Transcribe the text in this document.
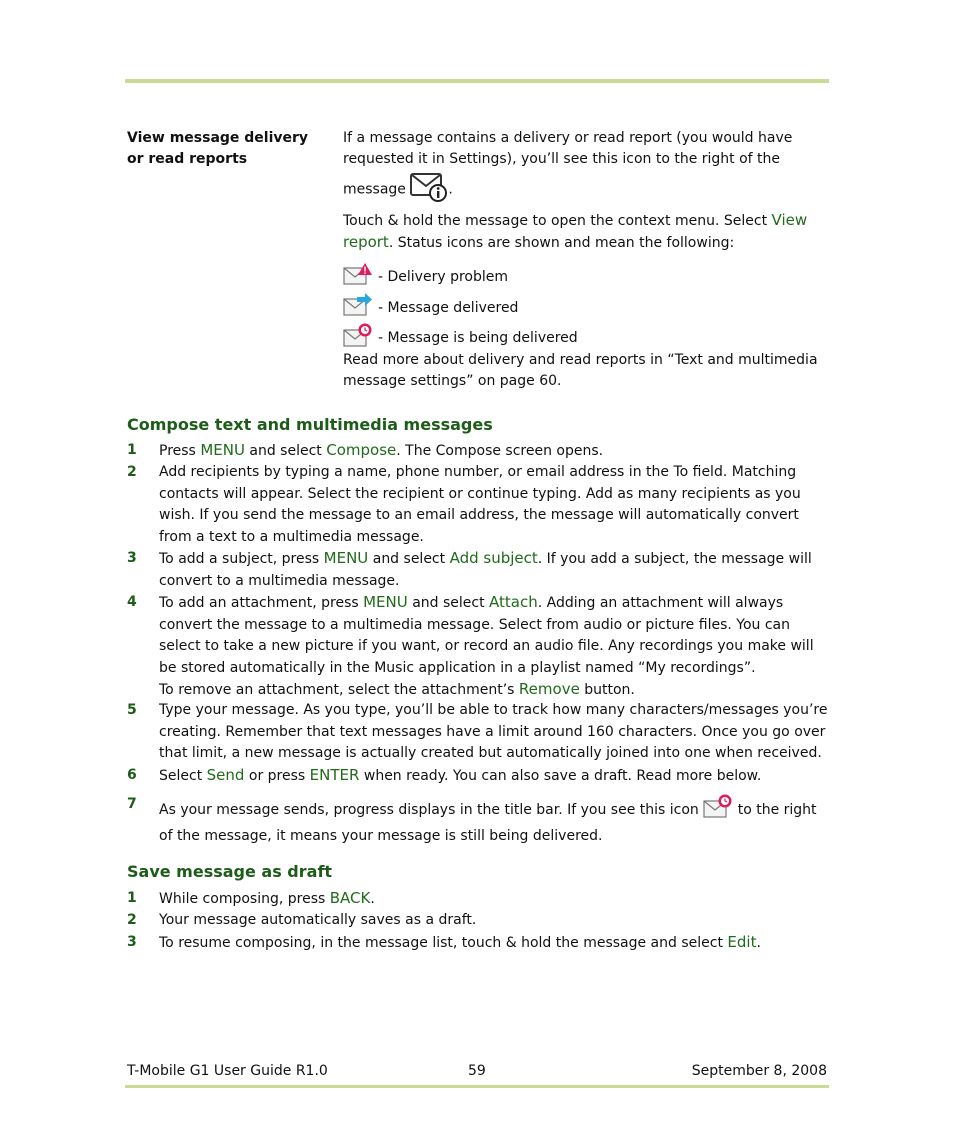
View message delivery or read reports
If a message contains a delivery or read report (you would have requested it in Settings), you’ll see this icon to the right of the message	.
Touch & hold the message to open the context menu. Select View report. Status icons are shown and mean the following:
- Delivery problem
- Message delivered
- Message is being delivered
Read more about delivery and read reports in “Text and multimedia message settings” on page 60.
Compose text and multimedia messages
1 Press MENU and select Compose. The Compose screen opens.
2 Add recipients by typing a name, phone number, or email address in the To field. Matching contacts will appear. Select the recipient or continue typing. Add as many recipients as you wish. If you send the message to an email address, the message will automatically convert from a text to a multimedia message.
3 To add a subject, press MENU and select Add subject. If you add a subject, the message will convert to a multimedia message.
4 To add an attachment, press MENU and select Attach. Adding an attachment will always convert the message to a multimedia message. Select from audio or picture files. You can select to take a new picture if you want, or record an audio file. Any recordings you make will be stored automatically in the Music application in a playlist named “My recordings”.
To remove an attachment, select the attachment’s Remove button.
5 Type your message. As you type, you’ll be able to track how many characters/messages you’re creating. Remember that text messages have a limit around 160 characters. Once you go over that limit, a new message is actually created but automatically joined into one when received.
6 Select Send or press ENTER when ready. You can also save a draft. Read more below.
7 As your message sends, progress displays in the title bar. If you see this icon	to the right of the message, it means your message is still being delivered.
Save message as draft
1 While composing, press BACK.
2 Your message automatically saves as a draft.
3 To resume composing, in the message list, touch & hold the message and select Edit.
T-Mobile G1 User Guide R1.0	59	September 8, 2008
